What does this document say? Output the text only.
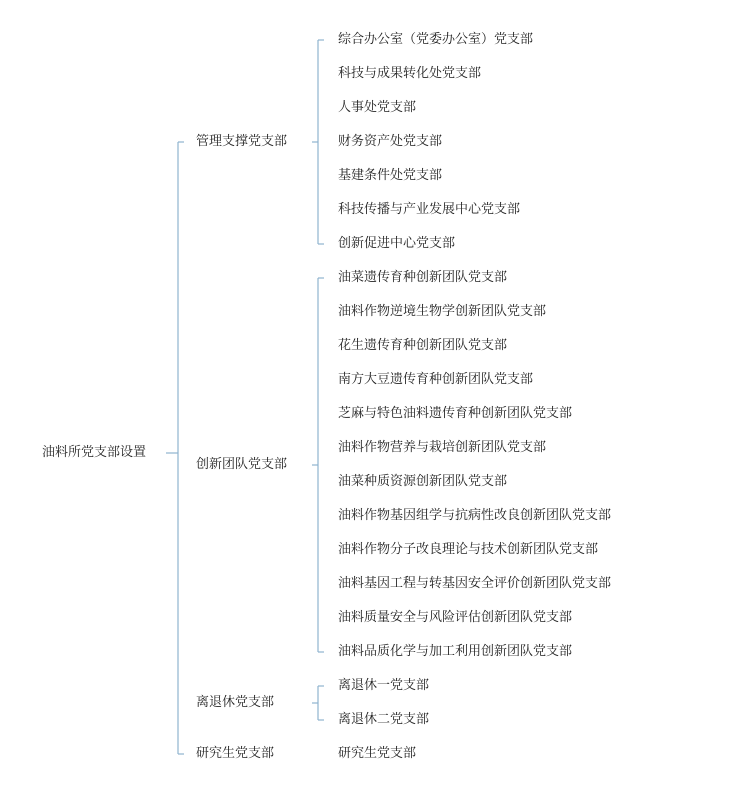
油料所党支部设置
管理支撑党支部
综合办公室（党委办公室）党支部
科技与成果转化处党支部
人事处党支部
财务资产处党支部
基建条件处党支部
科技传播与产业发展中心党支部
创新促进中心党支部
创新团队党支部
油菜遗传育种创新团队党支部
油料作物逆境生物学创新团队党支部
花生遗传育种创新团队党支部
南方大豆遗传育种创新团队党支部
芝麻与特色油料遗传育种创新团队党支部
油料作物营养与栽培创新团队党支部
油菜种质资源创新团队党支部
油料作物基因组学与抗病性改良创新团队党支部
油料作物分子改良理论与技术创新团队党支部
油料基因工程与转基因安全评价创新团队党支部
油料质量安全与风险评估创新团队党支部
油料品质化学与加工利用创新团队党支部
离退休党支部
离退休一党支部
离退休二党支部
研究生党支部	研究生党支部
